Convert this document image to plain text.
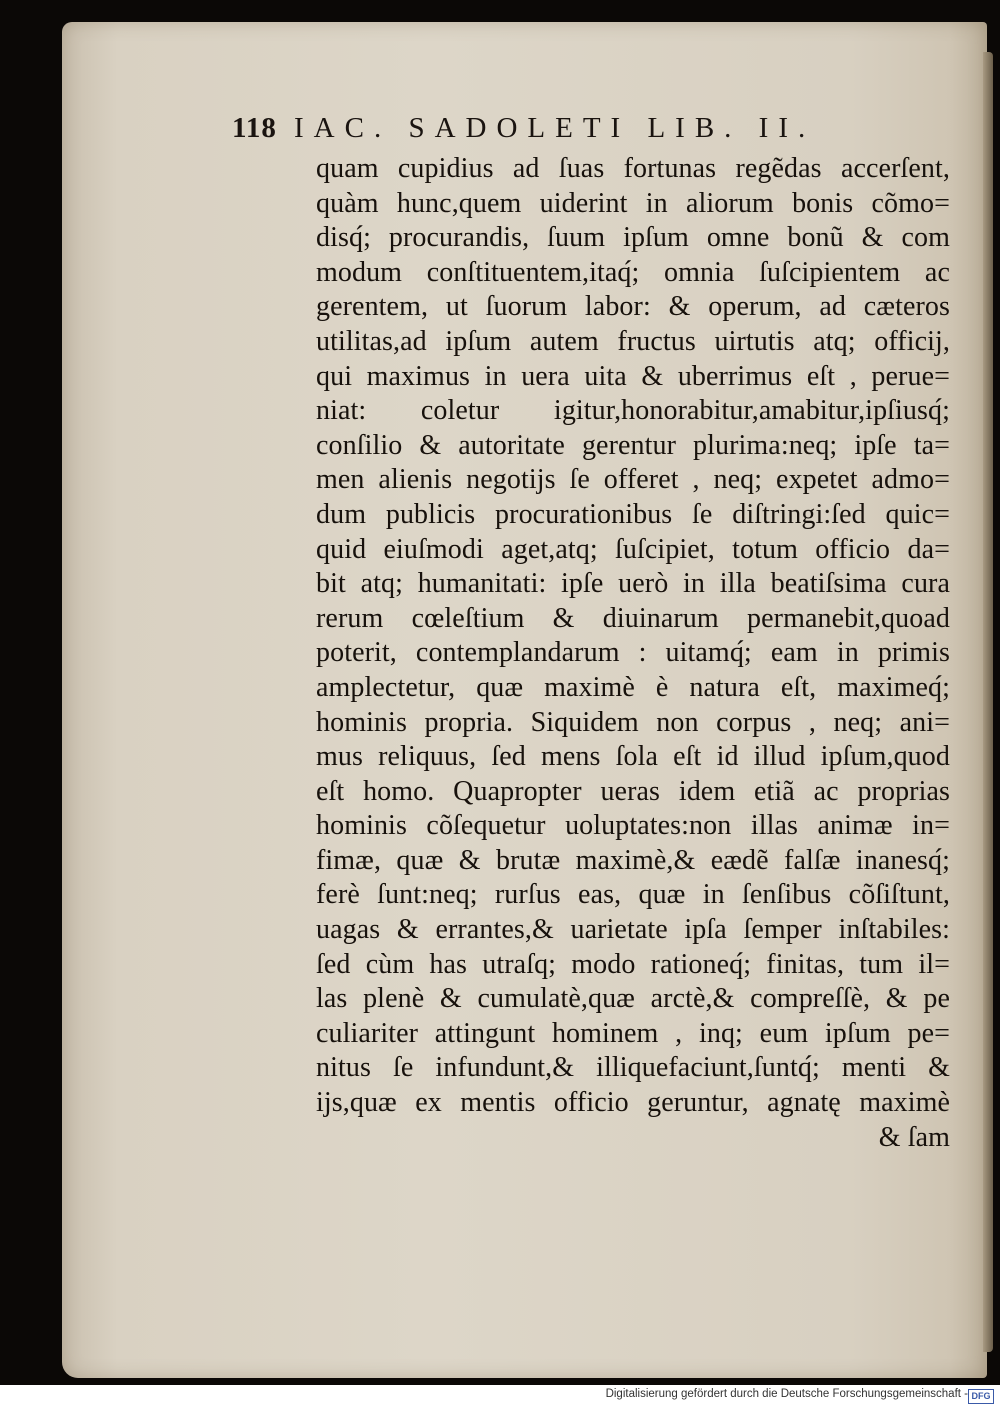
118 IAC. SADOLETI LIB. II.
quam cupidius ad ſuas fortunas regẽdas accerſent,
quàm hunc,quem uiderint in aliorum bonis cõmo=
disq́; procurandis, ſuum ipſum omne bonũ & com
modum conſtituentem,itaq́; omnia ſuſcipientem ac
gerentem, ut ſuorum labor: & operum, ad cæteros
utilitas,ad ipſum autem fructus uirtutis atq; officij,
qui maximus in uera uita & uberrimus eſt , perue=
niat: coletur igitur,honorabitur,amabitur,ipſiusq́;
conſilio & autoritate gerentur plurima:neq; ipſe ta=
men alienis negotijs ſe offeret , neq; expetet admo=
dum publicis procurationibus ſe diſtringi:ſed quic=
quid eiuſmodi aget,atq; ſuſcipiet, totum officio da=
bit atq; humanitati: ipſe uerò in illa beatiſsima cura
rerum cœleſtium & diuinarum permanebit,quoad
poterit, contemplandarum : uitamq́; eam in primis
amplectetur, quæ maximè è natura eſt, maximeq́;
hominis propria. Siquidem non corpus , neq; ani=
mus reliquus, ſed mens ſola eſt id illud ipſum,quod
eſt homo. Quapropter ueras idem etiã ac proprias
hominis cõſequetur uoluptates:non illas animæ in=
fimæ, quæ & brutæ maximè,& eædẽ falſæ inanesq́;
ferè ſunt:neq; rurſus eas, quæ in ſenſibus cõſiſtunt,
uagas & errantes,& uarietate ipſa ſemper inſtabiles:
ſed cùm has utraſq; modo rationeq́; finitas, tum il=
las plenè & cumulatè,quæ arctè,& compreſſè, & pe
culiariter attingunt hominem , inq; eum ipſum pe=
nitus ſe infundunt,& illiquefaciunt,ſuntq́; menti &
ijs,quæ ex mentis officio geruntur, agnatę maximè
& ſam
Digitalisierung gefördert durch die Deutsche Forschungsgemeinschaft - DFG
